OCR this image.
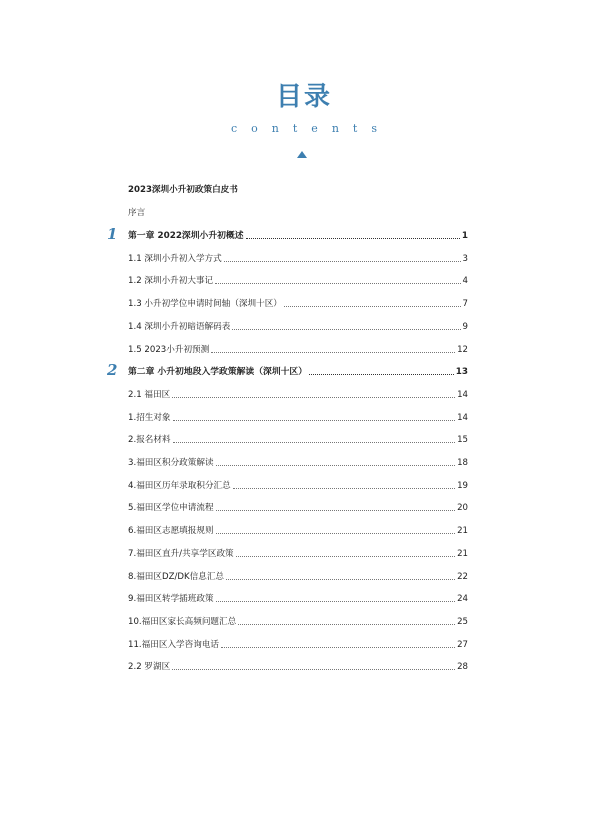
目录
contents
2023深圳小升初政策白皮书
序言
1 第一章 2022深圳小升初概述	1
1.1 深圳小升初入学方式	3
1.2 深圳小升初大事记	4
1.3 小升初学位申请时间轴（深圳十区）	7
1.4 深圳小升初暗语解码表	9
1.5 2023小升初预测	12
2 第二章 小升初地段入学政策解读（深圳十区）	13
2.1 福田区	14
1.招生对象	14
2.报名材料	15
3.福田区积分政策解读	18
4.福田区历年录取积分汇总	19
5.福田区学位申请流程	20
6.福田区志愿填报规则	21
7.福田区直升/共享学区政策	21
8.福田区DZ/DK信息汇总	22
9.福田区转学插班政策	24
10.福田区家长高频问题汇总	25
11.福田区入学咨询电话	27
2.2 罗湖区	28
